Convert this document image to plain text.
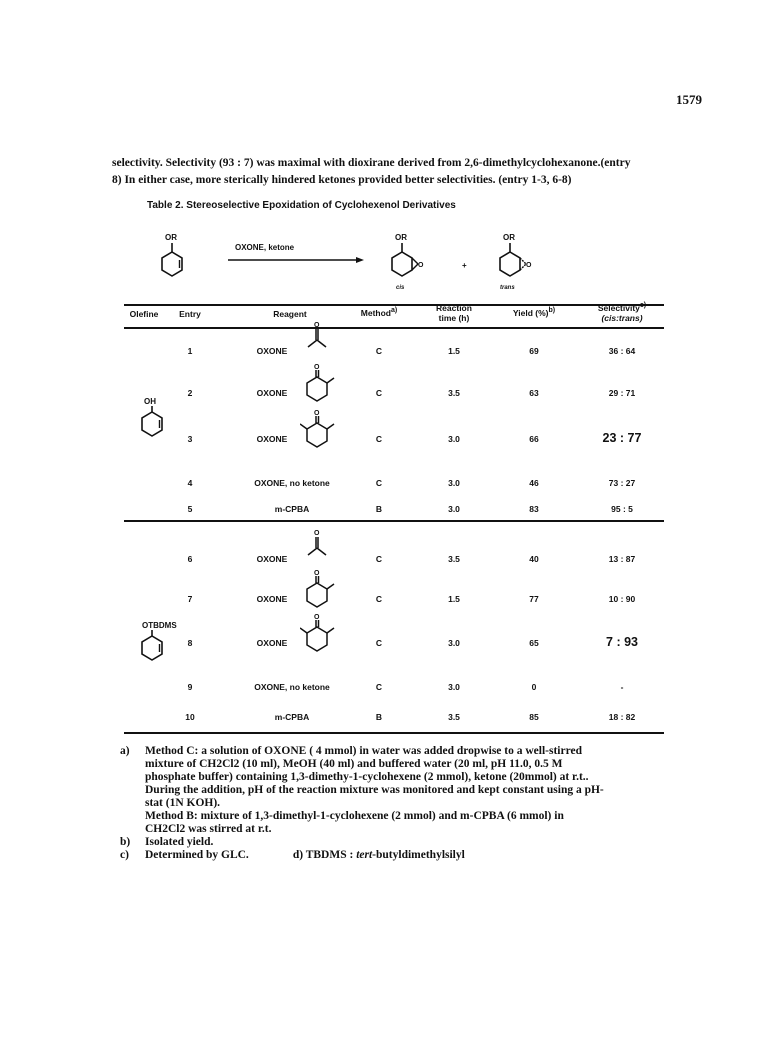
1579

selectivity. Selectivity (93 : 7) was maximal with dioxirane derived from 2,6-dimethylcyclohexanone.(entry

8) In either case, more sterically hindered ketones provided better selectivities. (entry 1-3, 6-8)

Table 2. Stereoselective Epoxidation of Cyclohexenol Derivatives
OR
OXONE, ketone
OR
O
cis
+
OR
O
trans
Olefine	Entry	Reagent	Method$^{a)}$	Reaction
time (h)
Yield (%)$^{b)}$	Selectivity$^{c)}$
(cis:trans)
OH
OTBDMS
1	OXONE	C	1.5	69	36 : 64
O
2	OXONE	C	3.5	63	29 : 71
O
3	OXONE	C	3.0	66	23 : 77
O
4	OXONE, no ketone	C	3.0	46	73 : 27
5	m-CPBA	B	3.0	83	95 : 5
6	OXONE	C	3.5	40	13 : 87
O
7	OXONE	C	1.5	77	10 : 90
O
8	OXONE	C	3.0	65	7 : 93
O
9	OXONE, no ketone	C	3.0	0	-
10	m-CPBA	B	3.5	85	18 : 82
a) Method C: a solution of OXONE ( 4 mmol) in water was added dropwise to a well-stirred
mixture of CH2Cl2 (10 ml), MeOH (40 ml) and buffered water (20 ml, pH 11.0, 0.5 M
phosphate buffer) containing 1,3-dimethy-1-cyclohexene (2 mmol), ketone (20mmol) at r.t..
During the addition, pH of the reaction mixture was monitored and kept constant using a pH-
stat (1N KOH).
Method B: mixture of 1,3-dimethyl-1-cyclohexene (2 mmol) and m-CPBA (6 mmol) in
CH2Cl2 was stirred at r.t.
b) Isolated yield.
c) Determined by GLC.	d) TBDMS : tert-butyldimethylsilyl
